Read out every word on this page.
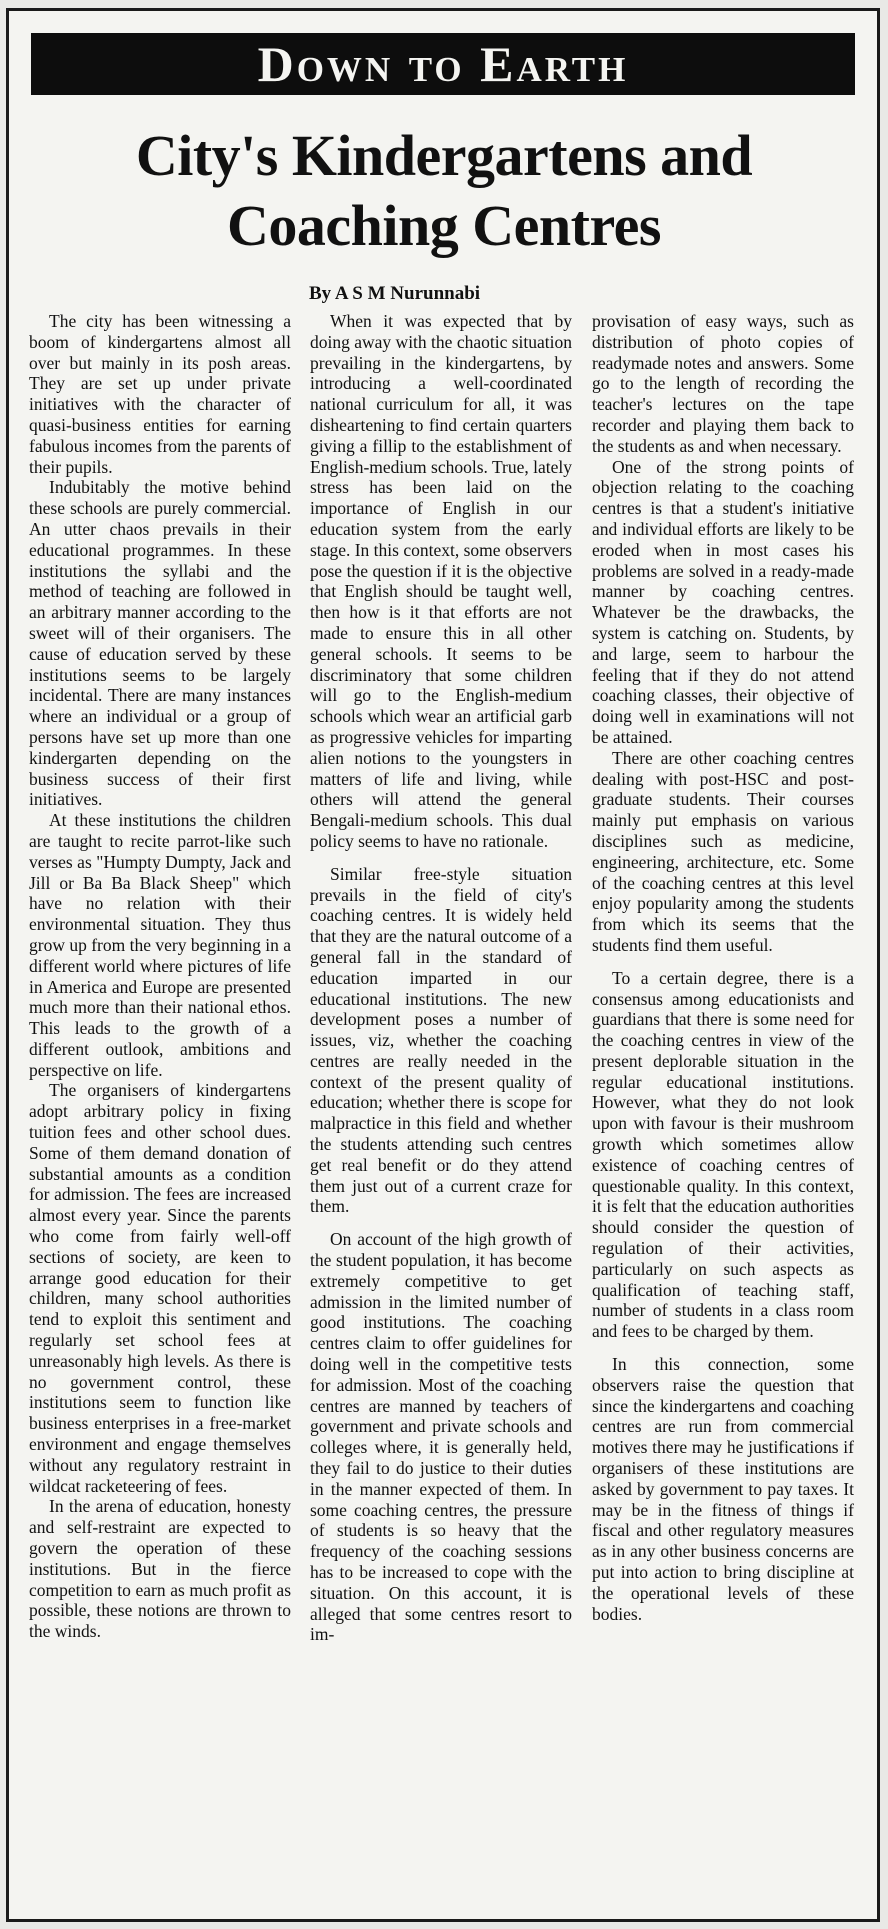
Down to Earth
City's Kindergartens and
Coaching Centres
By A S M Nurunnabi

The city has been witnessing a boom of kindergartens almost all over but mainly in its posh areas. They are set up under private initiatives with the character of quasi-business entities for earning fabulous incomes from the parents of their pupils.

Indubitably the motive behind these schools are purely commercial. An utter chaos prevails in their educational programmes. In these institutions the syllabi and the method of teaching are followed in an arbitrary manner according to the sweet will of their organisers. The cause of education served by these institutions seems to be largely incidental. There are many instances where an individual or a group of persons have set up more than one kindergarten depending on the business success of their first initiatives.

At these institutions the children are taught to recite parrot-like such verses as "Humpty Dumpty, Jack and Jill or Ba Ba Black Sheep" which have no relation with their environmental situation. They thus grow up from the very beginning in a different world where pictures of life in America and Europe are presented much more than their national ethos. This leads to the growth of a different outlook, ambitions and perspective on life.

The organisers of kindergartens adopt arbitrary policy in fixing tuition fees and other school dues. Some of them demand donation of substantial amounts as a condition for admission. The fees are increased almost every year. Since the parents who come from fairly well-off sections of society, are keen to arrange good education for their children, many school authorities tend to exploit this sentiment and regularly set school fees at unreasonably high levels. As there is no government control, these institutions seem to function like business enterprises in a free-market environment and engage themselves without any regulatory restraint in wildcat racketeering of fees.

In the arena of education, honesty and self-restraint are expected to govern the operation of these institutions. But in the fierce competition to earn as much profit as possible, these notions are thrown to the winds.

When it was expected that by doing away with the chaotic situation prevailing in the kindergartens, by introducing a well-coordinated national curriculum for all, it was disheartening to find certain quarters giving a fillip to the establishment of English-medium schools. True, lately stress has been laid on the importance of English in our education system from the early stage. In this context, some observers pose the question if it is the objective that English should be taught well, then how is it that efforts are not made to ensure this in all other general schools. It seems to be discriminatory that some children will go to the English-medium schools which wear an artificial garb as progressive vehicles for imparting alien notions to the youngsters in matters of life and living, while others will attend the general Bengali-medium schools. This dual policy seems to have no rationale.

Similar free-style situation prevails in the field of city's coaching centres. It is widely held that they are the natural outcome of a general fall in the standard of education imparted in our educational institutions. The new development poses a number of issues, viz, whether the coaching centres are really needed in the context of the present quality of education; whether there is scope for malpractice in this field and whether the students attending such centres get real benefit or do they attend them just out of a current craze for them.

On account of the high growth of the student population, it has become extremely competitive to get admission in the limited number of good institutions. The coaching centres claim to offer guidelines for doing well in the competitive tests for admission. Most of the coaching centres are manned by teachers of government and private schools and colleges where, it is generally held, they fail to do justice to their duties in the manner expected of them. In some coaching centres, the pressure of students is so heavy that the frequency of the coaching sessions has to be increased to cope with the situation. On this account, it is alleged that some centres resort to im-

provisation of easy ways, such as distribution of photo copies of readymade notes and answers. Some go to the length of recording the teacher's lectures on the tape recorder and playing them back to the students as and when necessary.

One of the strong points of objection relating to the coaching centres is that a student's initiative and individual efforts are likely to be eroded when in most cases his problems are solved in a ready-made manner by coaching centres. Whatever be the drawbacks, the system is catching on. Students, by and large, seem to harbour the feeling that if they do not attend coaching classes, their objective of doing well in examinations will not be attained.

There are other coaching centres dealing with post-HSC and post-graduate students. Their courses mainly put emphasis on various disciplines such as medicine, engineering, architecture, etc. Some of the coaching centres at this level enjoy popularity among the students from which its seems that the students find them useful.

To a certain degree, there is a consensus among educationists and guardians that there is some need for the coaching centres in view of the present deplorable situation in the regular educational institutions. However, what they do not look upon with favour is their mushroom growth which sometimes allow existence of coaching centres of questionable quality. In this context, it is felt that the education authorities should consider the question of regulation of their activities, particularly on such aspects as qualification of teaching staff, number of students in a class room and fees to be charged by them.

In this connection, some observers raise the question that since the kindergartens and coaching centres are run from commercial motives there may he justifications if organisers of these institutions are asked by government to pay taxes. It may be in the fitness of things if fiscal and other regulatory measures as in any other business concerns are put into action to bring discipline at the operational levels of these bodies.
